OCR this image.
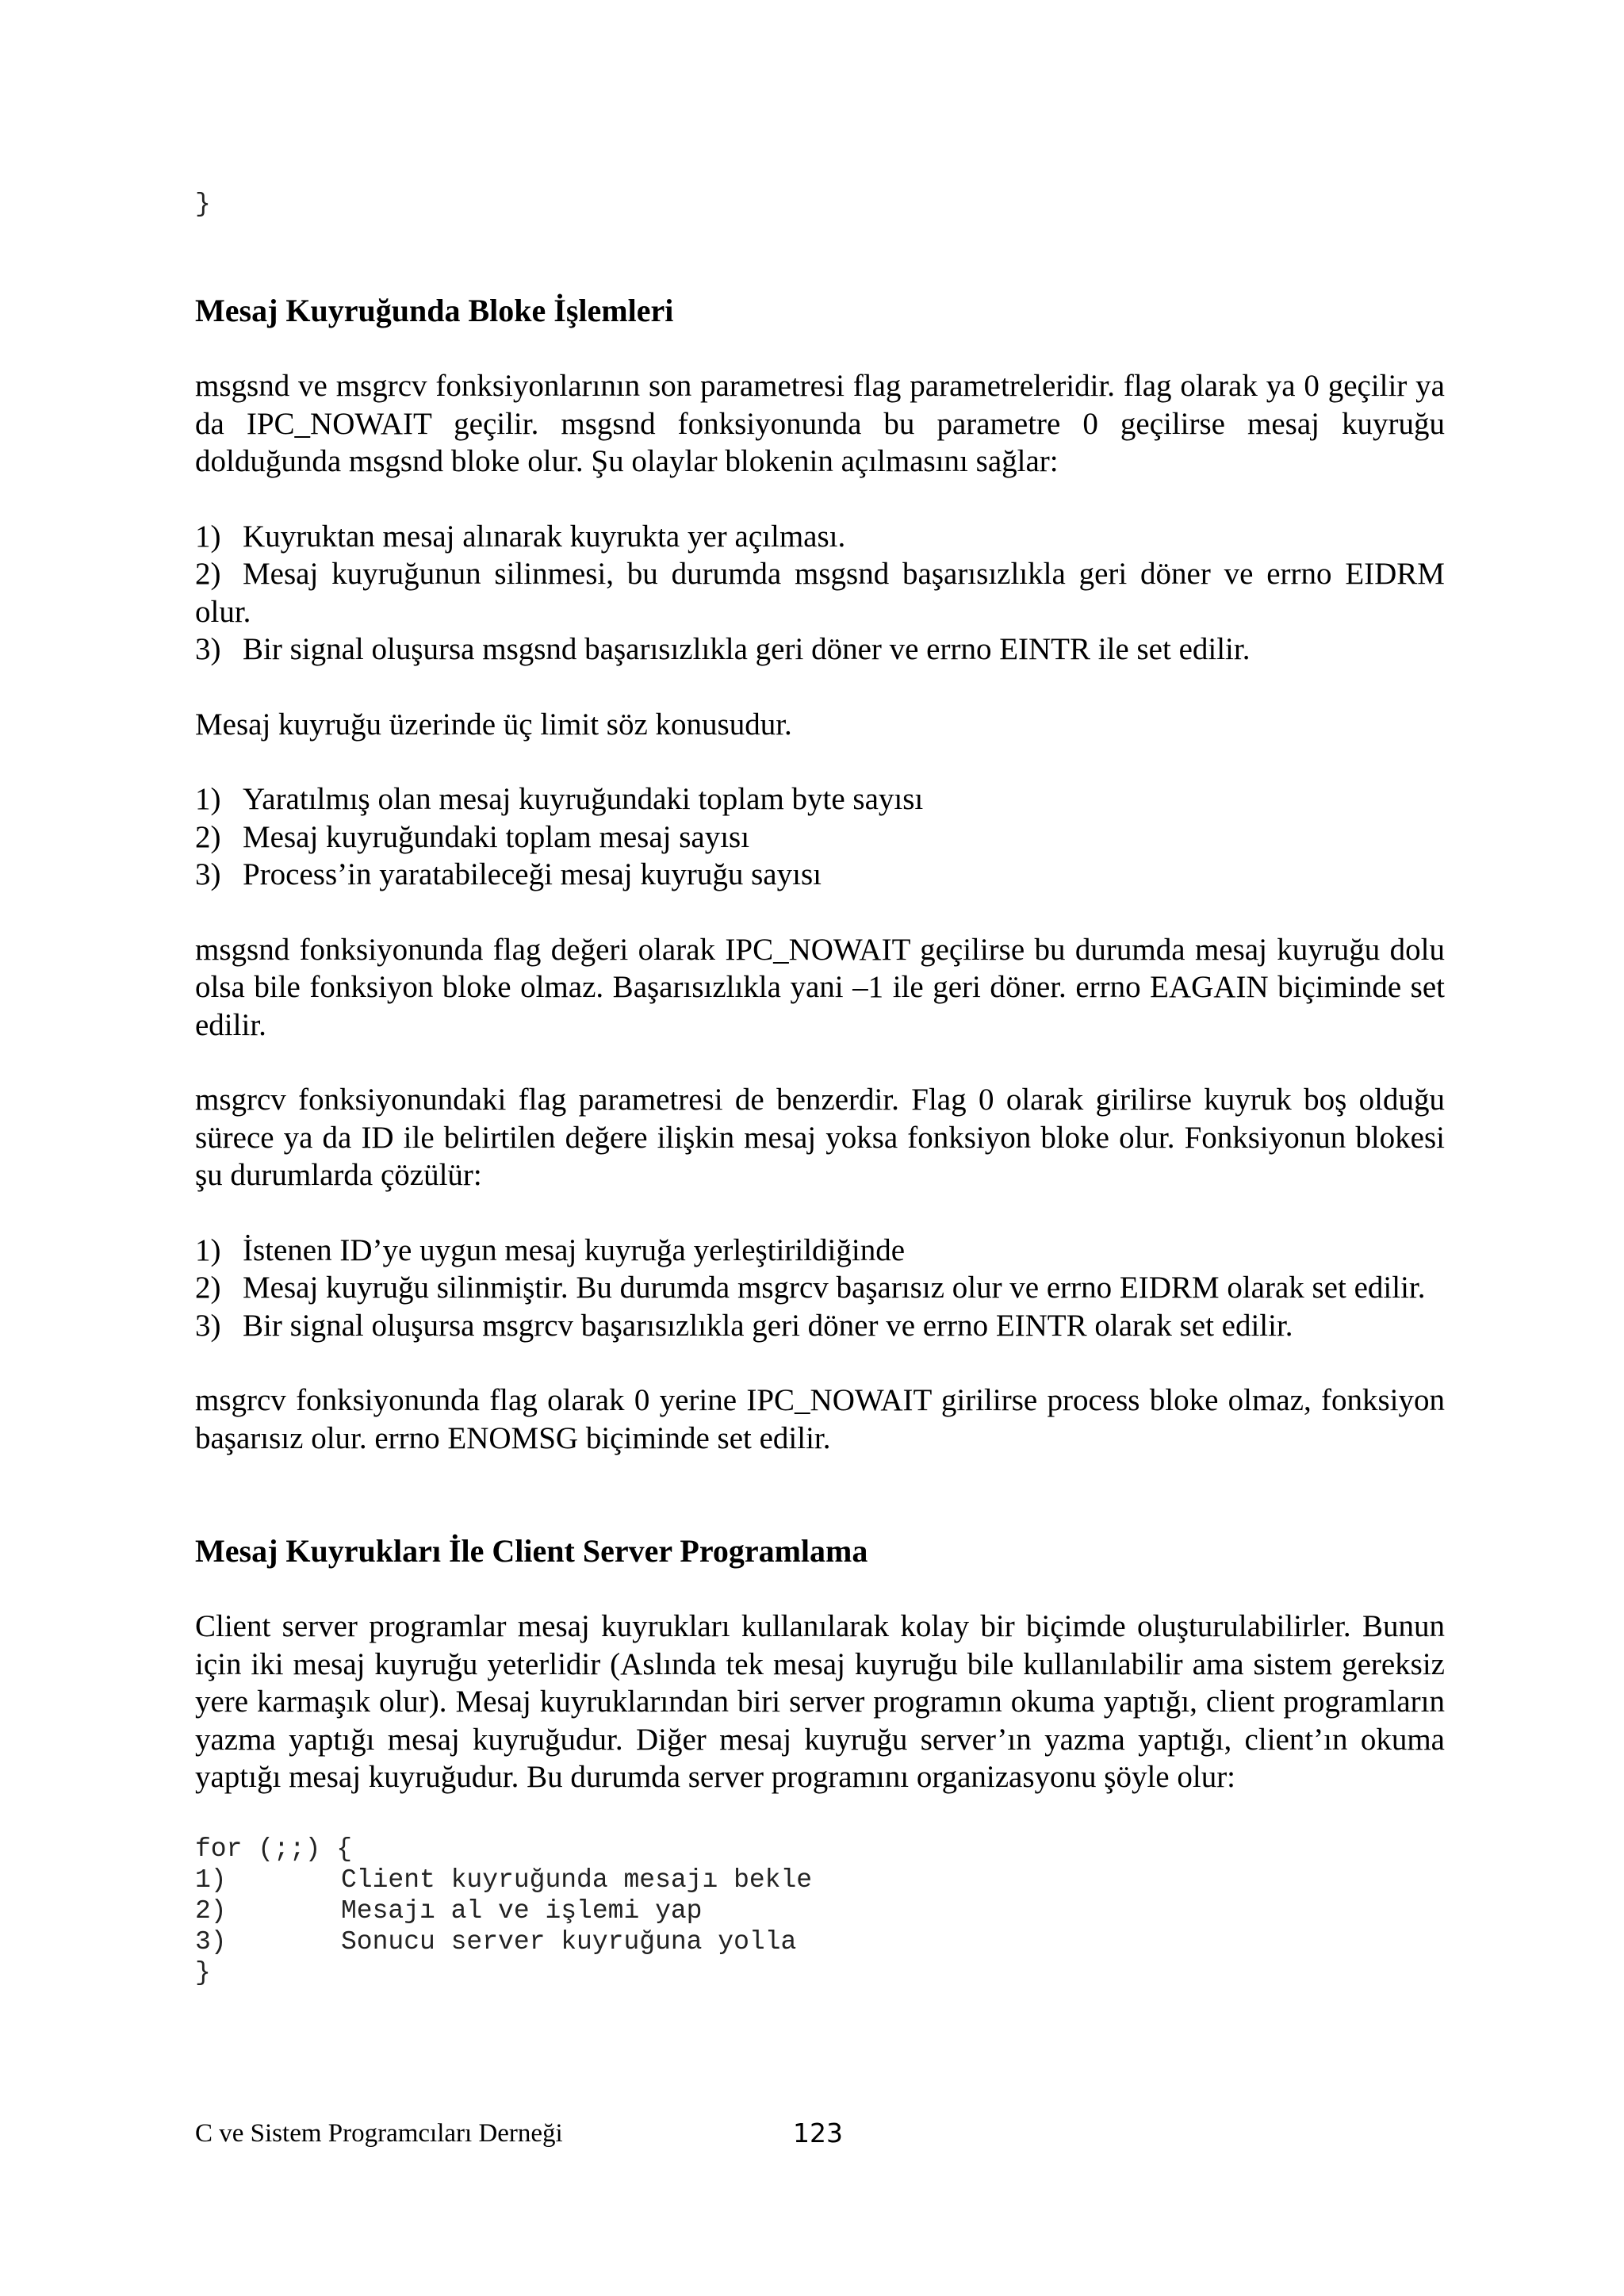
}
Mesaj Kuyruğunda Bloke İşlemleri

msgsnd ve msgrcv fonksiyonlarının son parametresi flag parametreleridir. flag olarak ya 0 geçilir ya da IPC_NOWAIT geçilir. msgsnd fonksiyonunda bu parametre 0 geçilirse mesaj kuyruğu dolduğunda msgsnd bloke olur. Şu olaylar blokenin açılmasını sağlar:

1) Kuyruktan mesaj alınarak kuyrukta yer açılması.

2) Mesaj kuyruğunun silinmesi, bu durumda msgsnd başarısızlıkla geri döner ve errno EIDRM olur.

3) Bir signal oluşursa msgsnd başarısızlıkla geri döner ve errno EINTR ile set edilir.

Mesaj kuyruğu üzerinde üç limit söz konusudur.

1) Yaratılmış olan mesaj kuyruğundaki toplam byte sayısı

2) Mesaj kuyruğundaki toplam mesaj sayısı

3) Process’in yaratabileceği mesaj kuyruğu sayısı

msgsnd fonksiyonunda flag değeri olarak IPC_NOWAIT geçilirse bu durumda mesaj kuyruğu dolu olsa bile fonksiyon bloke olmaz. Başarısızlıkla yani –1 ile geri döner. errno EAGAIN biçiminde set edilir.

msgrcv fonksiyonundaki flag parametresi de benzerdir. Flag 0 olarak girilirse kuyruk boş olduğu sürece ya da ID ile belirtilen değere ilişkin mesaj yoksa fonksiyon bloke olur. Fonksiyonun blokesi şu durumlarda çözülür:

1) İstenen ID’ye uygun mesaj kuyruğa yerleştirildiğinde

2) Mesaj kuyruğu silinmiştir. Bu durumda msgrcv başarısız olur ve errno EIDRM olarak set edilir.

3) Bir signal oluşursa msgrcv başarısızlıkla geri döner ve errno EINTR olarak set edilir.

msgrcv fonksiyonunda flag olarak 0 yerine IPC_NOWAIT girilirse process bloke olmaz, fonksiyon başarısız olur. errno ENOMSG biçiminde set edilir.

Mesaj Kuyrukları İle Client Server Programlama

Client server programlar mesaj kuyrukları kullanılarak kolay bir biçimde oluşturulabilirler. Bunun için iki mesaj kuyruğu yeterlidir (Aslında tek mesaj kuyruğu bile kullanılabilir ama sistem gereksiz yere karmaşık olur). Mesaj kuyruklarından biri server programın okuma yaptığı, client programların yazma yaptığı mesaj kuyruğudur. Diğer mesaj kuyruğu server’ın yazma yaptığı, client’ın okuma yaptığı mesaj kuyruğudur. Bu durumda server programını organizasyonu şöyle olur:

for (;;) {
1)	Client kuyruğunda mesajı bekle
2)	Mesajı al ve işlemi yap
3)	Sonucu server kuyruğuna yolla
}
C ve Sistem Programcıları Derneği	123
